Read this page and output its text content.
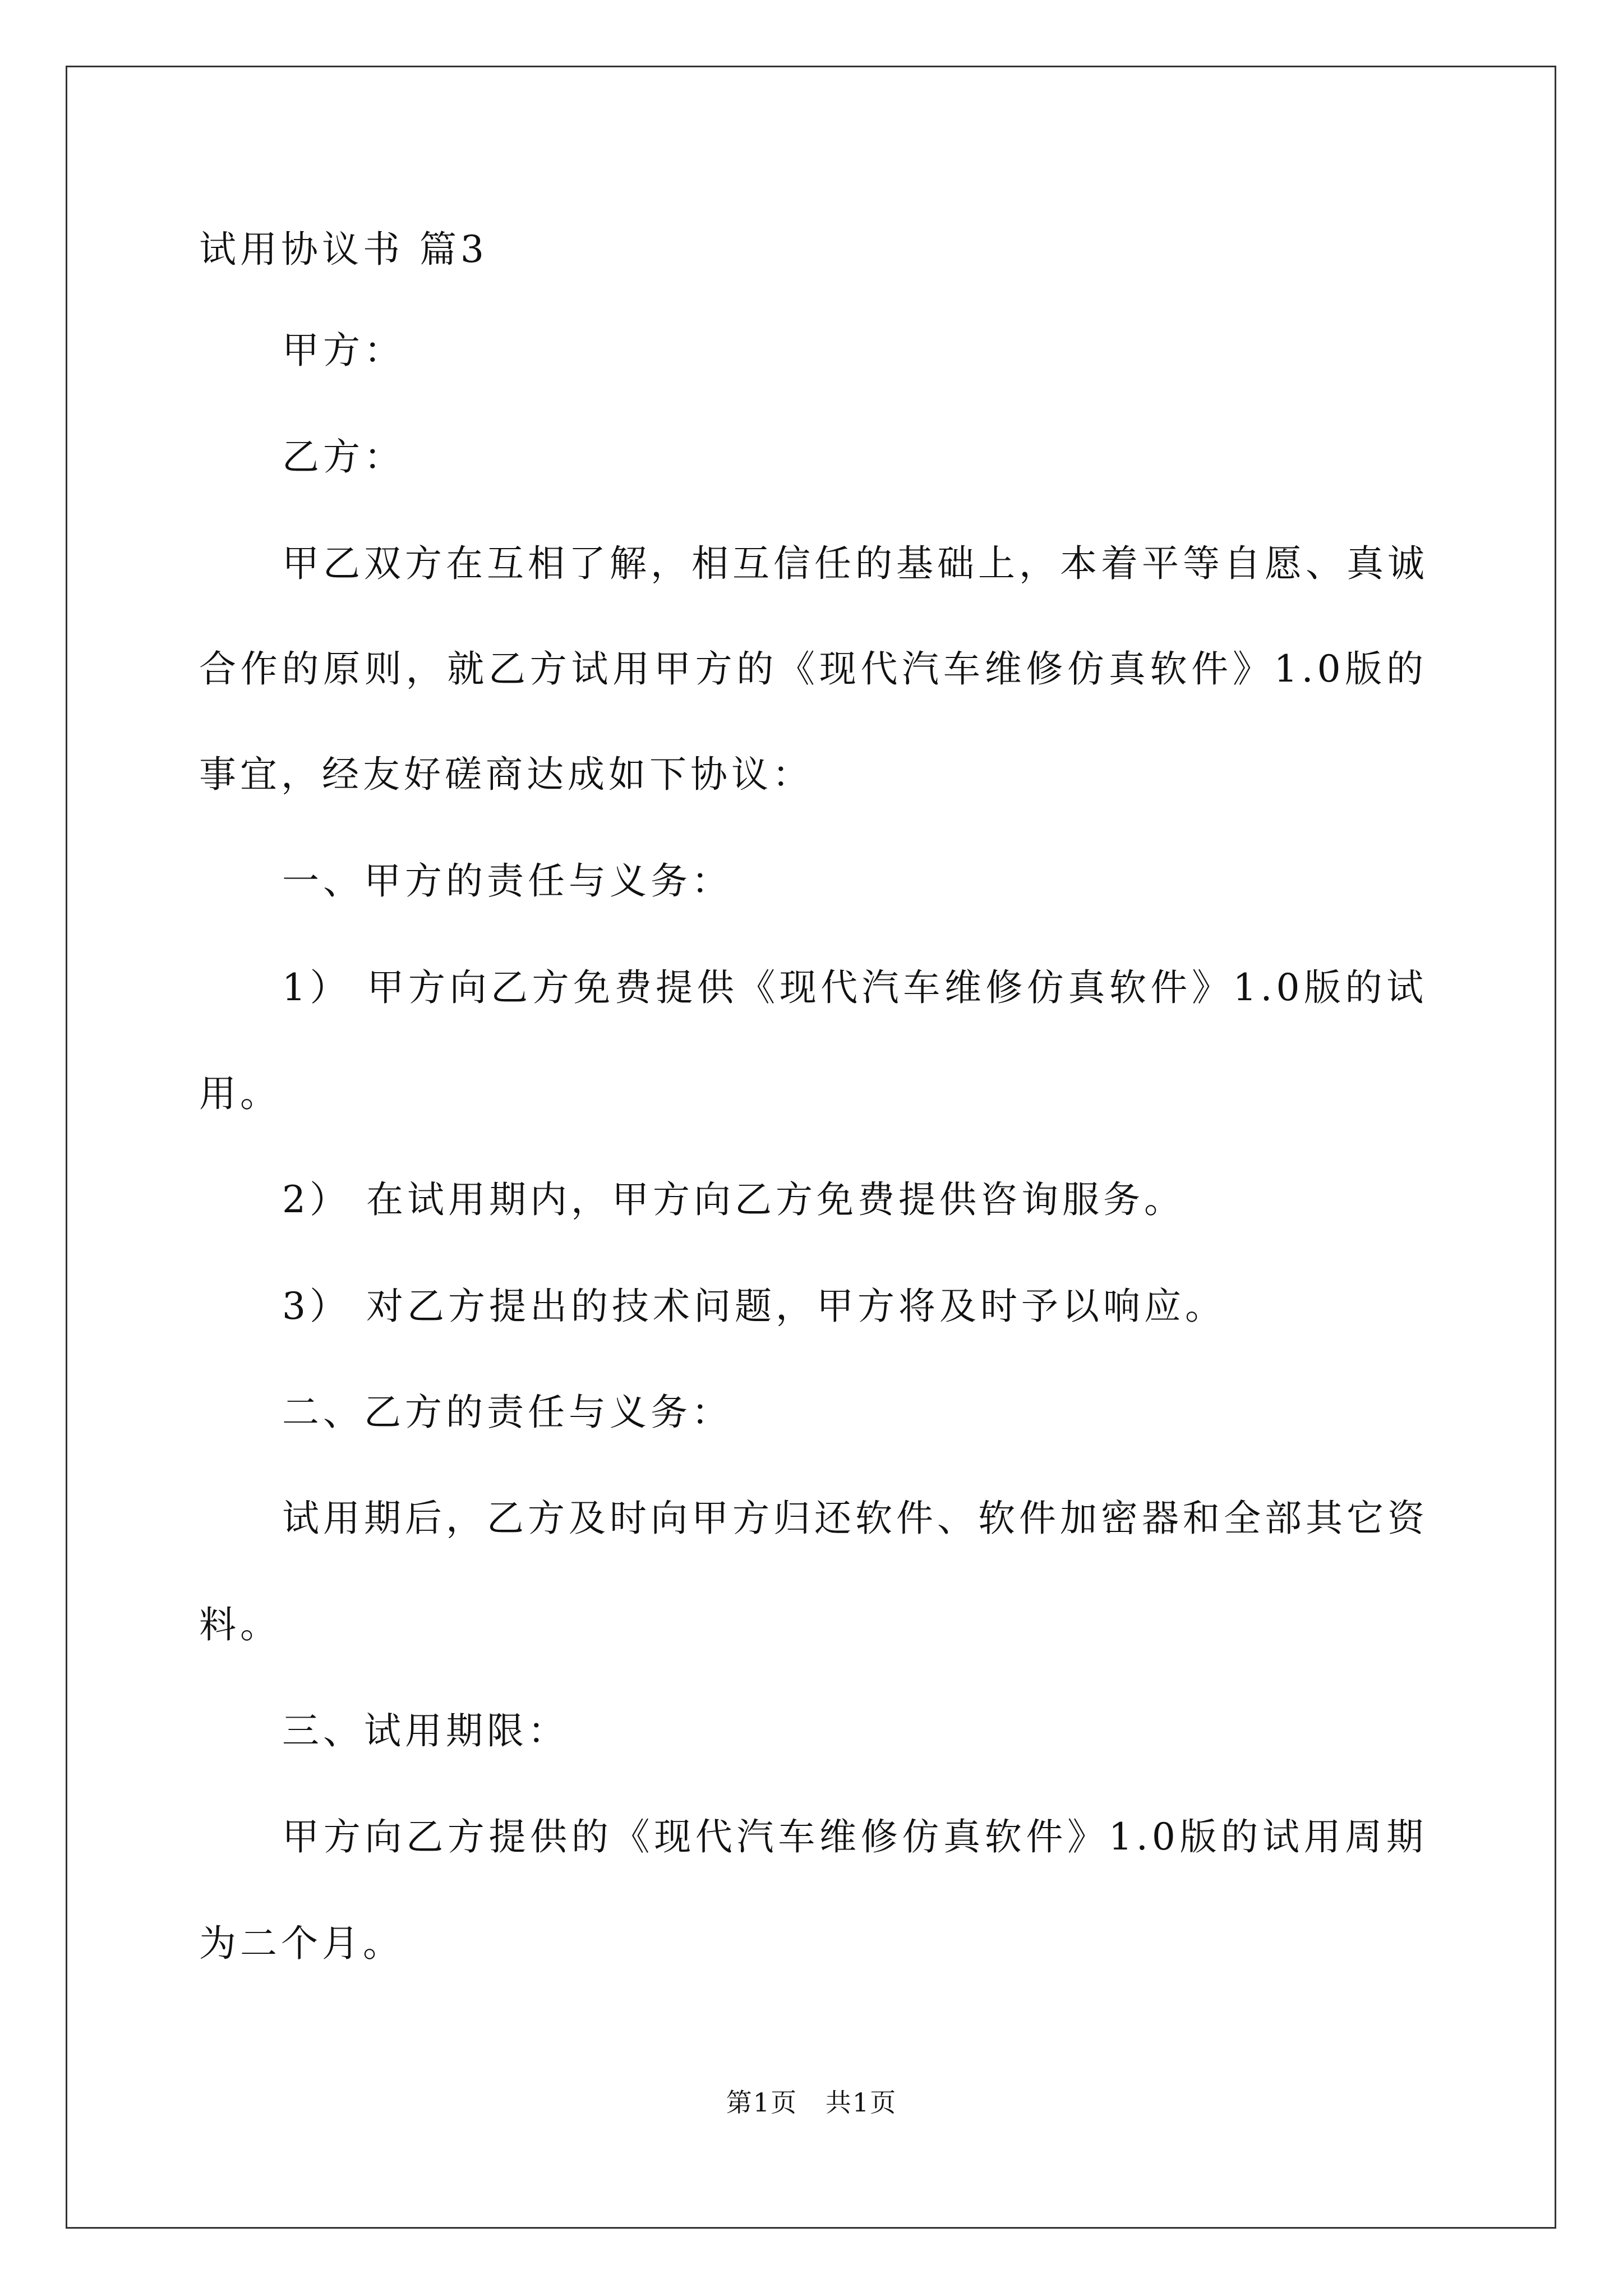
试用协议书 篇3
甲方：
乙方：
甲乙双方在互相了解，相互信任的基础上，本着平等自愿、真诚
合作的原则，就乙方试用甲方的《现代汽车维修仿真软件》1.0版的
事宜，经友好磋商达成如下协议：
一、甲方的责任与义务：
1） 甲方向乙方免费提供《现代汽车维修仿真软件》1.0版的试
用。
2） 在试用期内，甲方向乙方免费提供咨询服务。
3） 对乙方提出的技术问题，甲方将及时予以响应。
二、乙方的责任与义务：
试用期后，乙方及时向甲方归还软件、软件加密器和全部其它资
料。
三、试用期限：
甲方向乙方提供的《现代汽车维修仿真软件》1.0版的试用周期
为二个月。
第1页   共1页
